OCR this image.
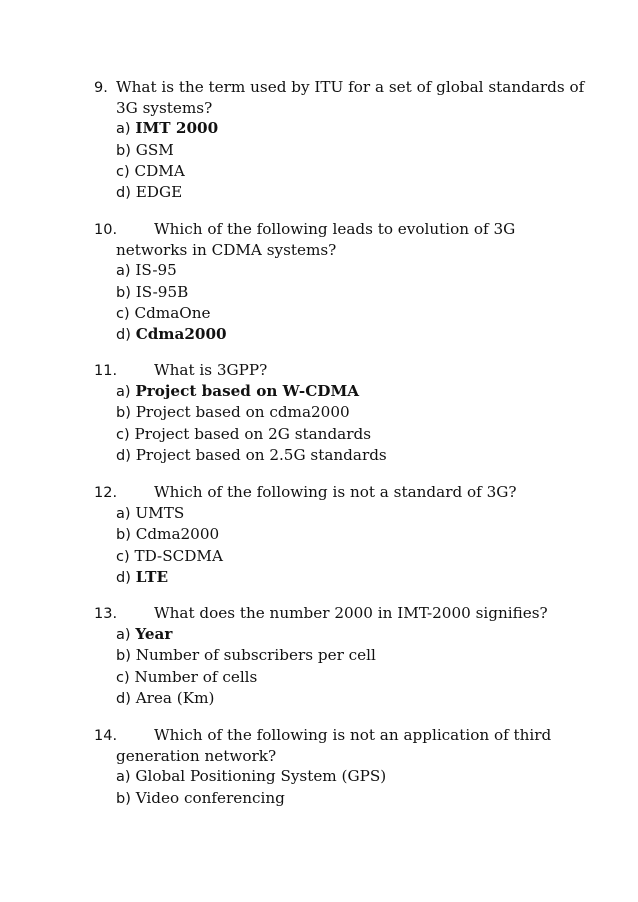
9. What is the term used by ITU for a set of global standards of
3G systems?
a) IMT 2000
b) GSM
c) CDMA
d) EDGE
10. Which of the following leads to evolution of 3G
networks in CDMA systems?
a) IS-95
b) IS-95B
c) CdmaOne
d) Cdma2000
11. What is 3GPP?
a) Project based on W-CDMA
b) Project based on cdma2000
c) Project based on 2G standards
d) Project based on 2.5G standards
12. Which of the following is not a standard of 3G?
a) UMTS
b) Cdma2000
c) TD-SCDMA
d) LTE
13. What does the number 2000 in IMT-2000 signifies?
a) Year
b) Number of subscribers per cell
c) Number of cells
d) Area (Km)
14. Which of the following is not an application of third
generation network?
a) Global Positioning System (GPS)
b) Video conferencing
